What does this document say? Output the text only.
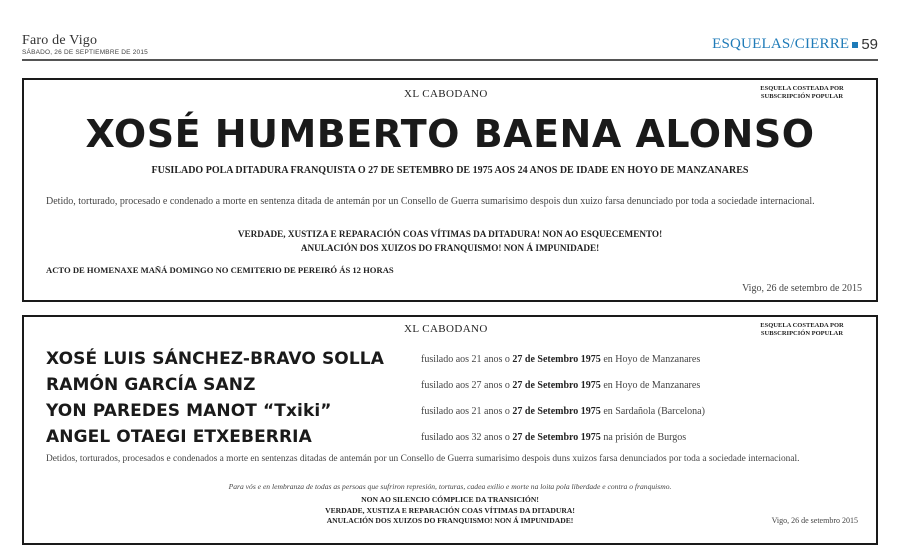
Faro de Vigo
SÁBADO, 26 DE SEPTIEMBRE DE 2015
ESQUELAS/CIERRE 59
XL CABODANO	ESQUELA COSTEADA POR
SUBSCRIPCIÓN POPULAR
XOSÉ HUMBERTO BAENA ALONSO
FUSILADO POLA DITADURA FRANQUISTA O 27 DE SETEMBRO DE 1975 AOS 24 ANOS DE IDADE EN HOYO DE MANZANARES
Detido, torturado, procesado e condenado a morte en sentenza ditada de antemán por un Consello de Guerra sumarisimo despois dun xuizo farsa denunciado por toda a sociedade internacional.
VERDADE, XUSTIZA E REPARACIÓN COAS VÍTIMAS DA DITADURA! NON AO ESQUECEMENTO!
ANULACIÓN DOS XUIZOS DO FRANQUISMO! NON Á IMPUNIDADE!
ACTO DE HOMENAXE MAÑÁ DOMINGO NO CEMITERIO DE PEREIRÓ ÁS 12 HORAS
Vigo, 26 de setembro de 2015
XL CABODANO	ESQUELA COSTEADA POR
SUBSCRIPCIÓN POPULAR
XOSÉ LUIS SÁNCHEZ-BRAVO SOLLA	fusilado aos 21 anos o 27 de Setembro 1975 en Hoyo de Manzanares
RAMÓN GARCÍA SANZ	fusilado aos 27 anos o 27 de Setembro 1975 en Hoyo de Manzanares
YON PAREDES MANOT “Txiki”	fusilado aos 21 anos o 27 de Setembro 1975 en Sardañola (Barcelona)
ANGEL OTAEGI ETXEBERRIA	fusilado aos 32 anos o 27 de Setembro 1975 na prisión de Burgos
Detidos, torturados, procesados e condenados a morte en sentenzas ditadas de antemán por un Consello de Guerra sumarisimo despois duns xuizos farsa denunciados por toda a sociedade internacional.
Para vós e en lembranza de todas as persoas que sufriron represión, torturas, cadea exilio e morte na loita pola liberdade e contra o franquismo.
NON AO SILENCIO CÓMPLICE DA TRANSICIÓN!
VERDADE, XUSTIZA E REPARACIÓN COAS VÍTIMAS DA DITADURA!
ANULACIÓN DOS XUIZOS DO FRANQUISMO! NON Á IMPUNIDADE!	Vigo, 26 de setembro 2015
